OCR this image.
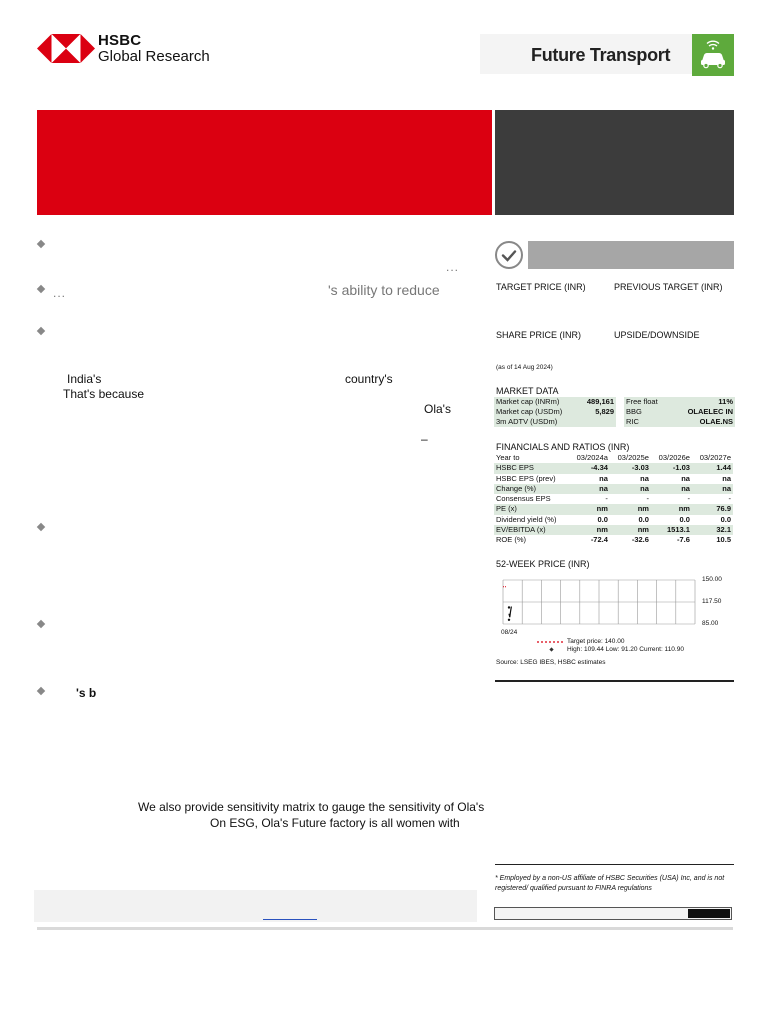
HSBC
Global Research	Future Transport
...
...	's ability to reduce
India's	country's
That's because
Ola's
–
's b
We also provide sensitivity matrix to gauge the sensitivity of Ola's
On ESG, Ola's Future factory is all women with
TARGET PRICE (INR)	PREVIOUS TARGET (INR)
SHARE PRICE (INR)	UPSIDE/DOWNSIDE
(as of 14 Aug 2024)
MARKET DATA
Market cap (INRm)	489,161		Free float	11%
Market cap (USDm)	5,829		BBG	OLAELEC IN
3m ADTV (USDm)			RIC	OLAE.NS
FINANCIALS AND RATIOS (INR)
Year to	03/2024a	03/2025e	03/2026e	03/2027e
HSBC EPS	-4.34	-3.03	-1.03	1.44
HSBC EPS (prev)	na	na	na	na
Change (%)	na	na	na	na
Consensus EPS	-	-	-	-
PE (x)	nm	nm	nm	76.9
Dividend yield (%)	0.0	0.0	0.0	0.0
EV/EBITDA (x)	nm	nm	1513.1	32.1
ROE (%)	-72.4	-32.6	-7.6	10.5
52-WEEK PRICE (INR)
150.00
117.50
85.00
08/24
Target price: 140.00
High: 109.44 Low: 91.20 Current: 110.90
Source: LSEG IBES, HSBC estimates
* Employed by a non-US affiliate of HSBC Securities (USA) Inc, and is not registered/ qualified pursuant to FINRA regulations
